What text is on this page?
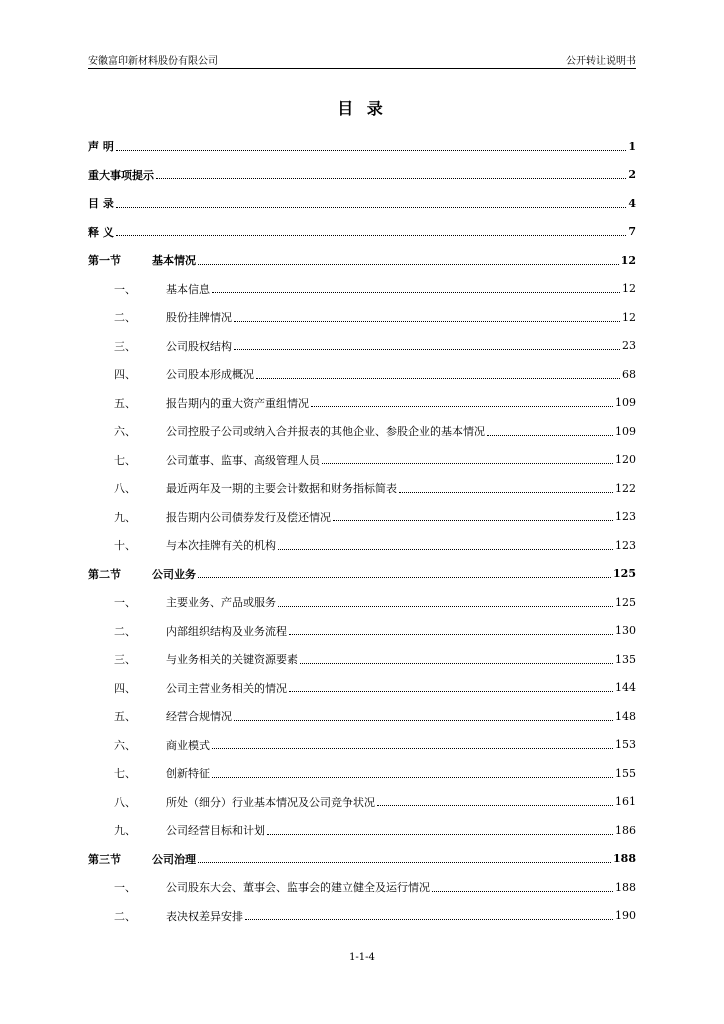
安徽富印新材料股份有限公司	公开转让说明书
目 录
声 明	1
重大事项提示	2
目 录	4
释 义	7
第一节	基本情况	12
一、	基本信息	12
二、	股份挂牌情况	12
三、	公司股权结构	23
四、	公司股本形成概况	68
五、	报告期内的重大资产重组情况	109
六、	公司控股子公司或纳入合并报表的其他企业、参股企业的基本情况	109
七、	公司董事、监事、高级管理人员	120
八、	最近两年及一期的主要会计数据和财务指标简表	122
九、	报告期内公司债券发行及偿还情况	123
十、	与本次挂牌有关的机构	123
第二节	公司业务	125
一、	主要业务、产品或服务	125
二、	内部组织结构及业务流程	130
三、	与业务相关的关键资源要素	135
四、	公司主营业务相关的情况	144
五、	经营合规情况	148
六、	商业模式	153
七、	创新特征	155
八、	所处（细分）行业基本情况及公司竞争状况	161
九、	公司经营目标和计划	186
第三节	公司治理	188
一、	公司股东大会、董事会、监事会的建立健全及运行情况	188
二、	表决权差异安排	190
1-1-4
